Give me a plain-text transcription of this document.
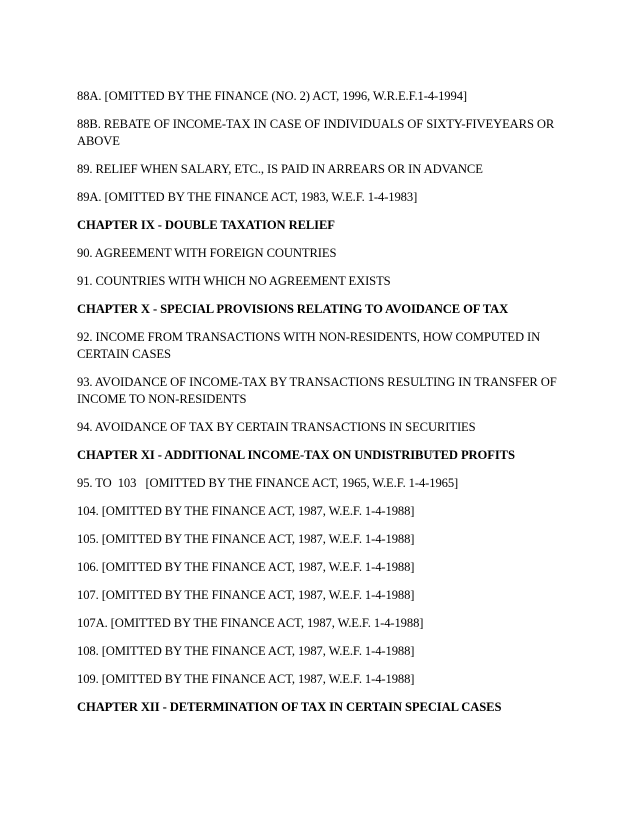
88A. [OMITTED BY THE FINANCE (NO. 2) ACT, 1996, W.R.E.F.1-4-1994]

88B. REBATE OF INCOME-TAX IN CASE OF INDIVIDUALS OF SIXTY-FIVEYEARS OR ABOVE

89. RELIEF WHEN SALARY, ETC., IS PAID IN ARREARS OR IN ADVANCE

89A. [OMITTED BY THE FINANCE ACT, 1983, W.E.F. 1-4-1983]

CHAPTER IX - DOUBLE TAXATION RELIEF

90. AGREEMENT WITH FOREIGN COUNTRIES

91. COUNTRIES WITH WHICH NO AGREEMENT EXISTS

CHAPTER X - SPECIAL PROVISIONS RELATING TO AVOIDANCE OF TAX

92. INCOME FROM TRANSACTIONS WITH NON-RESIDENTS, HOW COMPUTED IN CERTAIN CASES

93. AVOIDANCE OF INCOME-TAX BY TRANSACTIONS RESULTING IN TRANSFER OF INCOME TO NON-RESIDENTS

94. AVOIDANCE OF TAX BY CERTAIN TRANSACTIONS IN SECURITIES

CHAPTER XI - ADDITIONAL INCOME-TAX ON UNDISTRIBUTED PROFITS

95. TO  103   [OMITTED BY THE FINANCE ACT, 1965, W.E.F. 1-4-1965]

104. [OMITTED BY THE FINANCE ACT, 1987, W.E.F. 1-4-1988]

105. [OMITTED BY THE FINANCE ACT, 1987, W.E.F. 1-4-1988]

106. [OMITTED BY THE FINANCE ACT, 1987, W.E.F. 1-4-1988]

107. [OMITTED BY THE FINANCE ACT, 1987, W.E.F. 1-4-1988]

107A. [OMITTED BY THE FINANCE ACT, 1987, W.E.F. 1-4-1988]

108. [OMITTED BY THE FINANCE ACT, 1987, W.E.F. 1-4-1988]

109. [OMITTED BY THE FINANCE ACT, 1987, W.E.F. 1-4-1988]

CHAPTER XII - DETERMINATION OF TAX IN CERTAIN SPECIAL CASES
